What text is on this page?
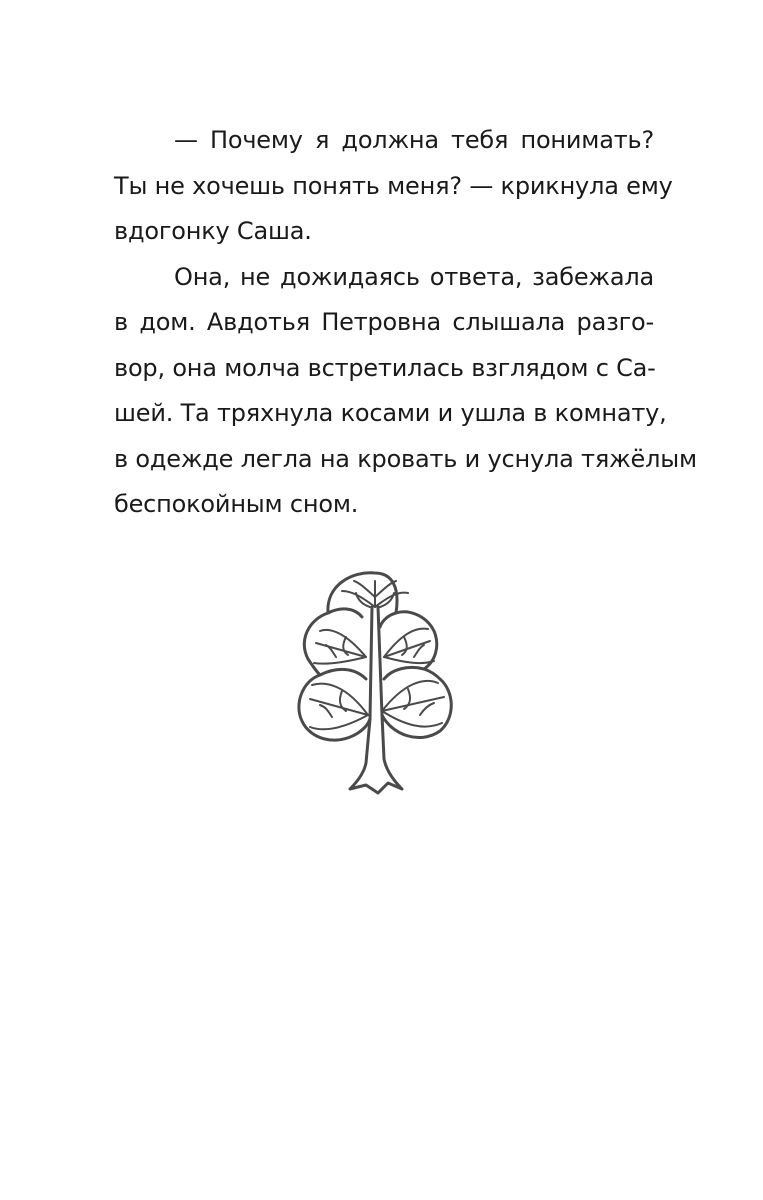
— Почему я должна тебя понимать?
Ты не хочешь понять меня? — крикнула ему
вдогонку Саша.
Она, не дожидаясь ответа, забежала
в дом. Авдотья Петровна слышала разго-
вор, она молча встретилась взглядом с Са-
шей. Та тряхнула косами и ушла в комнату,
в одежде легла на кровать и уснула тяжёлым
беспокойным сном.
